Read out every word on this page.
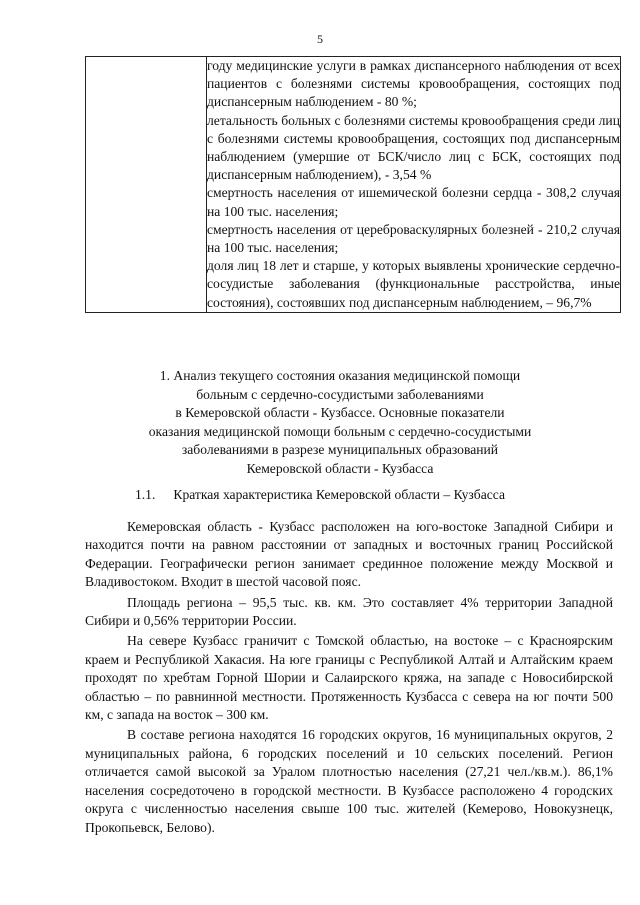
5

году медицинские услуги в рамках диспансерного наблюдения от всех пациентов с болезнями системы кровообращения, состоящих под диспансерным наблюдением - 80 %;

летальность больных с болезнями системы кровообращения среди лиц с болезнями системы кровообращения, состоящих под диспансерным наблюдением (умершие от БСК/число лиц с БСК, состоящих под диспансерным наблюдением), - 3,54 %

смертность населения от ишемической болезни сердца - 308,2 случая на 100 тыс. населения;

смертность населения от цереброваскулярных болезней - 210,2 случая на 100 тыс. населения;

доля лиц 18 лет и старше, у которых выявлены хронические сердечно-сосудистые заболевания (функциональные расстройства, иные состояния), состоявших под диспансерным наблюдением, – 96,7%

1. Анализ текущего состояния оказания медицинской помощи

больным с сердечно-сосудистыми заболеваниями

в Кемеровской области - Кузбассе. Основные показатели

оказания медицинской помощи больным с сердечно-сосудистыми

заболеваниями в разрезе муниципальных образований

Кемеровской области - Кузбасса

1.1. Краткая характеристика Кемеровской области – Кузбасса

Кемеровская область - Кузбасс расположен на юго-востоке Западной Сибири и находится почти на равном расстоянии от западных и восточных границ Российской Федерации. Географически регион занимает срединное положение между Москвой и Владивостоком. Входит в шестой часовой пояс.

Площадь региона – 95,5 тыс. кв. км. Это составляет 4% территории Западной Сибири и 0,56% территории России.

На севере Кузбасс граничит с Томской областью, на востоке – с Красноярским краем и Республикой Хакасия. На юге границы с Республикой Алтай и Алтайским краем проходят по хребтам Горной Шории и Салаирского кряжа, на западе с Новосибирской областью – по равнинной местности. Протяженность Кузбасса с севера на юг почти 500 км, с запада на восток – 300 км.

В составе региона находятся 16 городских округов, 16 муниципальных округов, 2 муниципальных района, 6 городских поселений и 10 сельских поселений. Регион отличается самой высокой за Уралом плотностью населения (27,21 чел./кв.м.). 86,1% населения сосредоточено в городской местности. В Кузбассе расположено 4 городских округа с численностью населения свыше 100 тыс. жителей (Кемерово, Новокузнецк, Прокопьевск, Белово).
